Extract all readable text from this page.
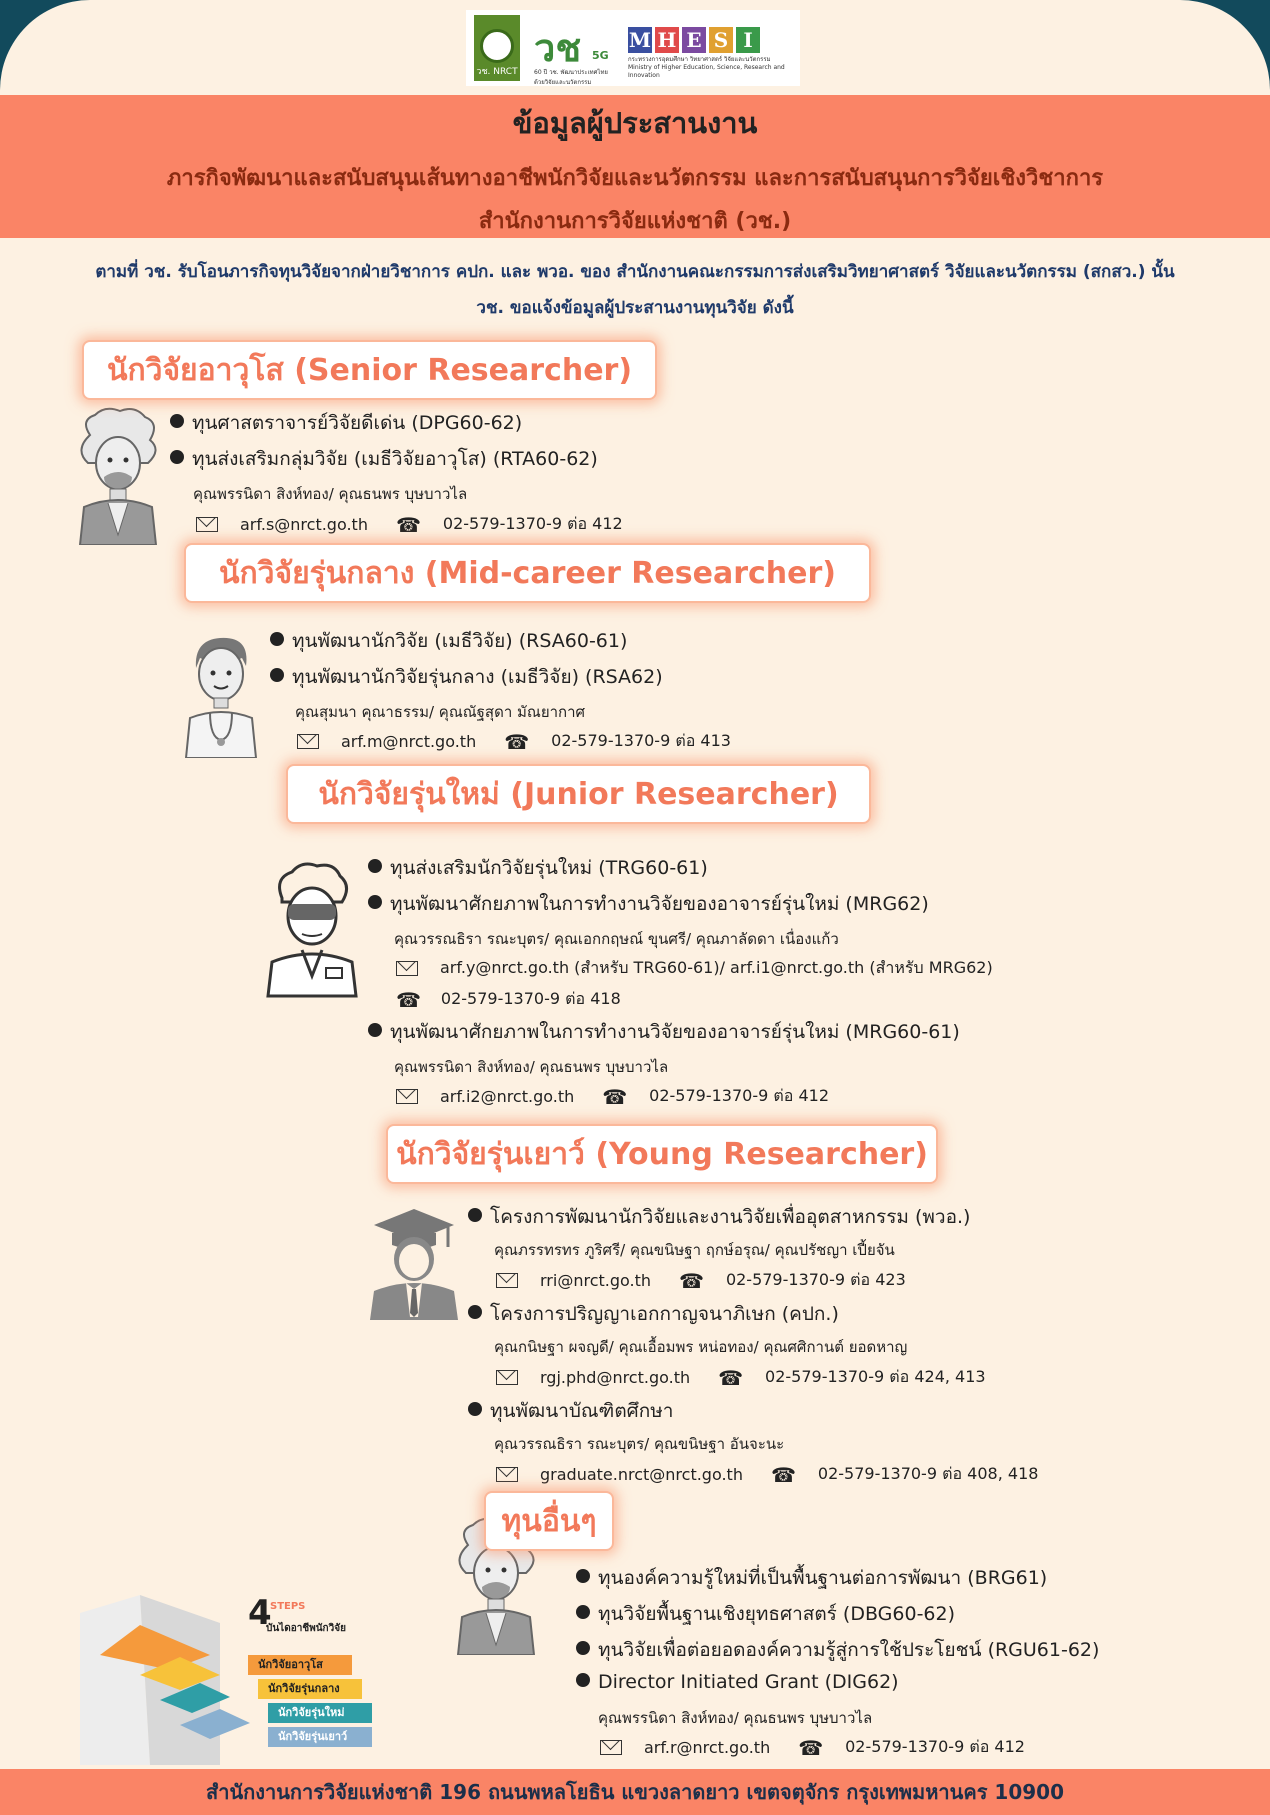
วช. NRCT
วช 5G
60 ปี วช. พัฒนาประเทศไทย ด้วยวิจัยและนวัตกรรม
M H E S I
กระทรวงการอุดมศึกษา วิทยาศาสตร์ วิจัยและนวัตกรรม
Ministry of Higher Education, Science, Research and Innovation
ข้อมูลผู้ประสานงาน
ภารกิจพัฒนาและสนับสนุนเส้นทางอาชีพนักวิจัยและนวัตกรรม และการสนับสนุนการวิจัยเชิงวิชาการ
สำนักงานการวิจัยแห่งชาติ (วช.)
ตามที่ วช. รับโอนภารกิจทุนวิจัยจากฝ่ายวิชาการ คปก. และ พวอ. ของ สำนักงานคณะกรรมการส่งเสริมวิทยาศาสตร์ วิจัยและนวัตกรรม (สกสว.) นั้น
วช. ขอแจ้งข้อมูลผู้ประสานงานทุนวิจัย ดังนี้
นักวิจัยอาวุโส (Senior Researcher)
ทุนศาสตราจารย์วิจัยดีเด่น (DPG60-62)
ทุนส่งเสริมกลุ่มวิจัย (เมธีวิจัยอาวุโส) (RTA60-62)
คุณพรรนิดา สิงห์ทอง/ คุณธนพร บุษบาวไล
arf.s@nrct.go.th ☎ 02-579-1370-9 ต่อ 412
นักวิจัยรุ่นกลาง (Mid-career Researcher)
ทุนพัฒนานักวิจัย (เมธีวิจัย) (RSA60-61)
ทุนพัฒนานักวิจัยรุ่นกลาง (เมธีวิจัย) (RSA62)
คุณสุมนา คุณาธรรม/ คุณณัฐสุดา มัณยากาศ
arf.m@nrct.go.th ☎ 02-579-1370-9 ต่อ 413
นักวิจัยรุ่นใหม่ (Junior Researcher)
ทุนส่งเสริมนักวิจัยรุ่นใหม่ (TRG60-61)
ทุนพัฒนาศักยภาพในการทำงานวิจัยของอาจารย์รุ่นใหม่ (MRG62)
คุณวรรณธิรา รณะบุตร/ คุณเอกกฤษณ์ ขุนศรี/ คุณภาลัดดา เนื่องแก้ว
arf.y@nrct.go.th (สำหรับ TRG60-61)/ arf.i1@nrct.go.th (สำหรับ MRG62)
☎ 02-579-1370-9 ต่อ 418
ทุนพัฒนาศักยภาพในการทำงานวิจัยของอาจารย์รุ่นใหม่ (MRG60-61)
คุณพรรนิดา สิงห์ทอง/ คุณธนพร บุษบาวไล
arf.i2@nrct.go.th ☎ 02-579-1370-9 ต่อ 412
นักวิจัยรุ่นเยาว์ (Young Researcher)
โครงการพัฒนานักวิจัยและงานวิจัยเพื่ออุตสาหกรรม (พวอ.)
คุณภรรทรทร ภูริศรี/ คุณขนิษฐา ฤกษ์อรุณ/ คุณปรัชญา เปี้ยจัน
rri@nrct.go.th ☎ 02-579-1370-9 ต่อ 423
โครงการปริญญาเอกกาญจนาภิเษก (คปก.)
คุณกนิษฐา ผจญดี/ คุณเอื้อมพร หน่อทอง/ คุณศศิกานต์ ยอดหาญ
rgj.phd@nrct.go.th ☎ 02-579-1370-9 ต่อ 424, 413
ทุนพัฒนาบัณฑิตศึกษา
คุณวรรณธิรา รณะบุตร/ คุณขนิษฐา อันจะนะ
graduate.nrct@nrct.go.th ☎ 02-579-1370-9 ต่อ 408, 418
ทุนอื่นๆ
ทุนองค์ความรู้ใหม่ที่เป็นพื้นฐานต่อการพัฒนา (BRG61)
ทุนวิจัยพื้นฐานเชิงยุทธศาสตร์ (DBG60-62)
ทุนวิจัยเพื่อต่อยอดองค์ความรู้สู่การใช้ประโยชน์ (RGU61-62)
Director Initiated Grant (DIG62)
คุณพรรนิดา สิงห์ทอง/ คุณธนพร บุษบาวไล
arf.r@nrct.go.th ☎ 02-579-1370-9 ต่อ 412
4
STEPS
บันไดอาชีพนักวิจัย
นักวิจัยอาวุโส
นักวิจัยรุ่นกลาง
นักวิจัยรุ่นใหม่
นักวิจัยรุ่นเยาว์
สำนักงานการวิจัยแห่งชาติ 196 ถนนพหลโยธิน แขวงลาดยาว เขตจตุจักร กรุงเทพมหานคร 10900
